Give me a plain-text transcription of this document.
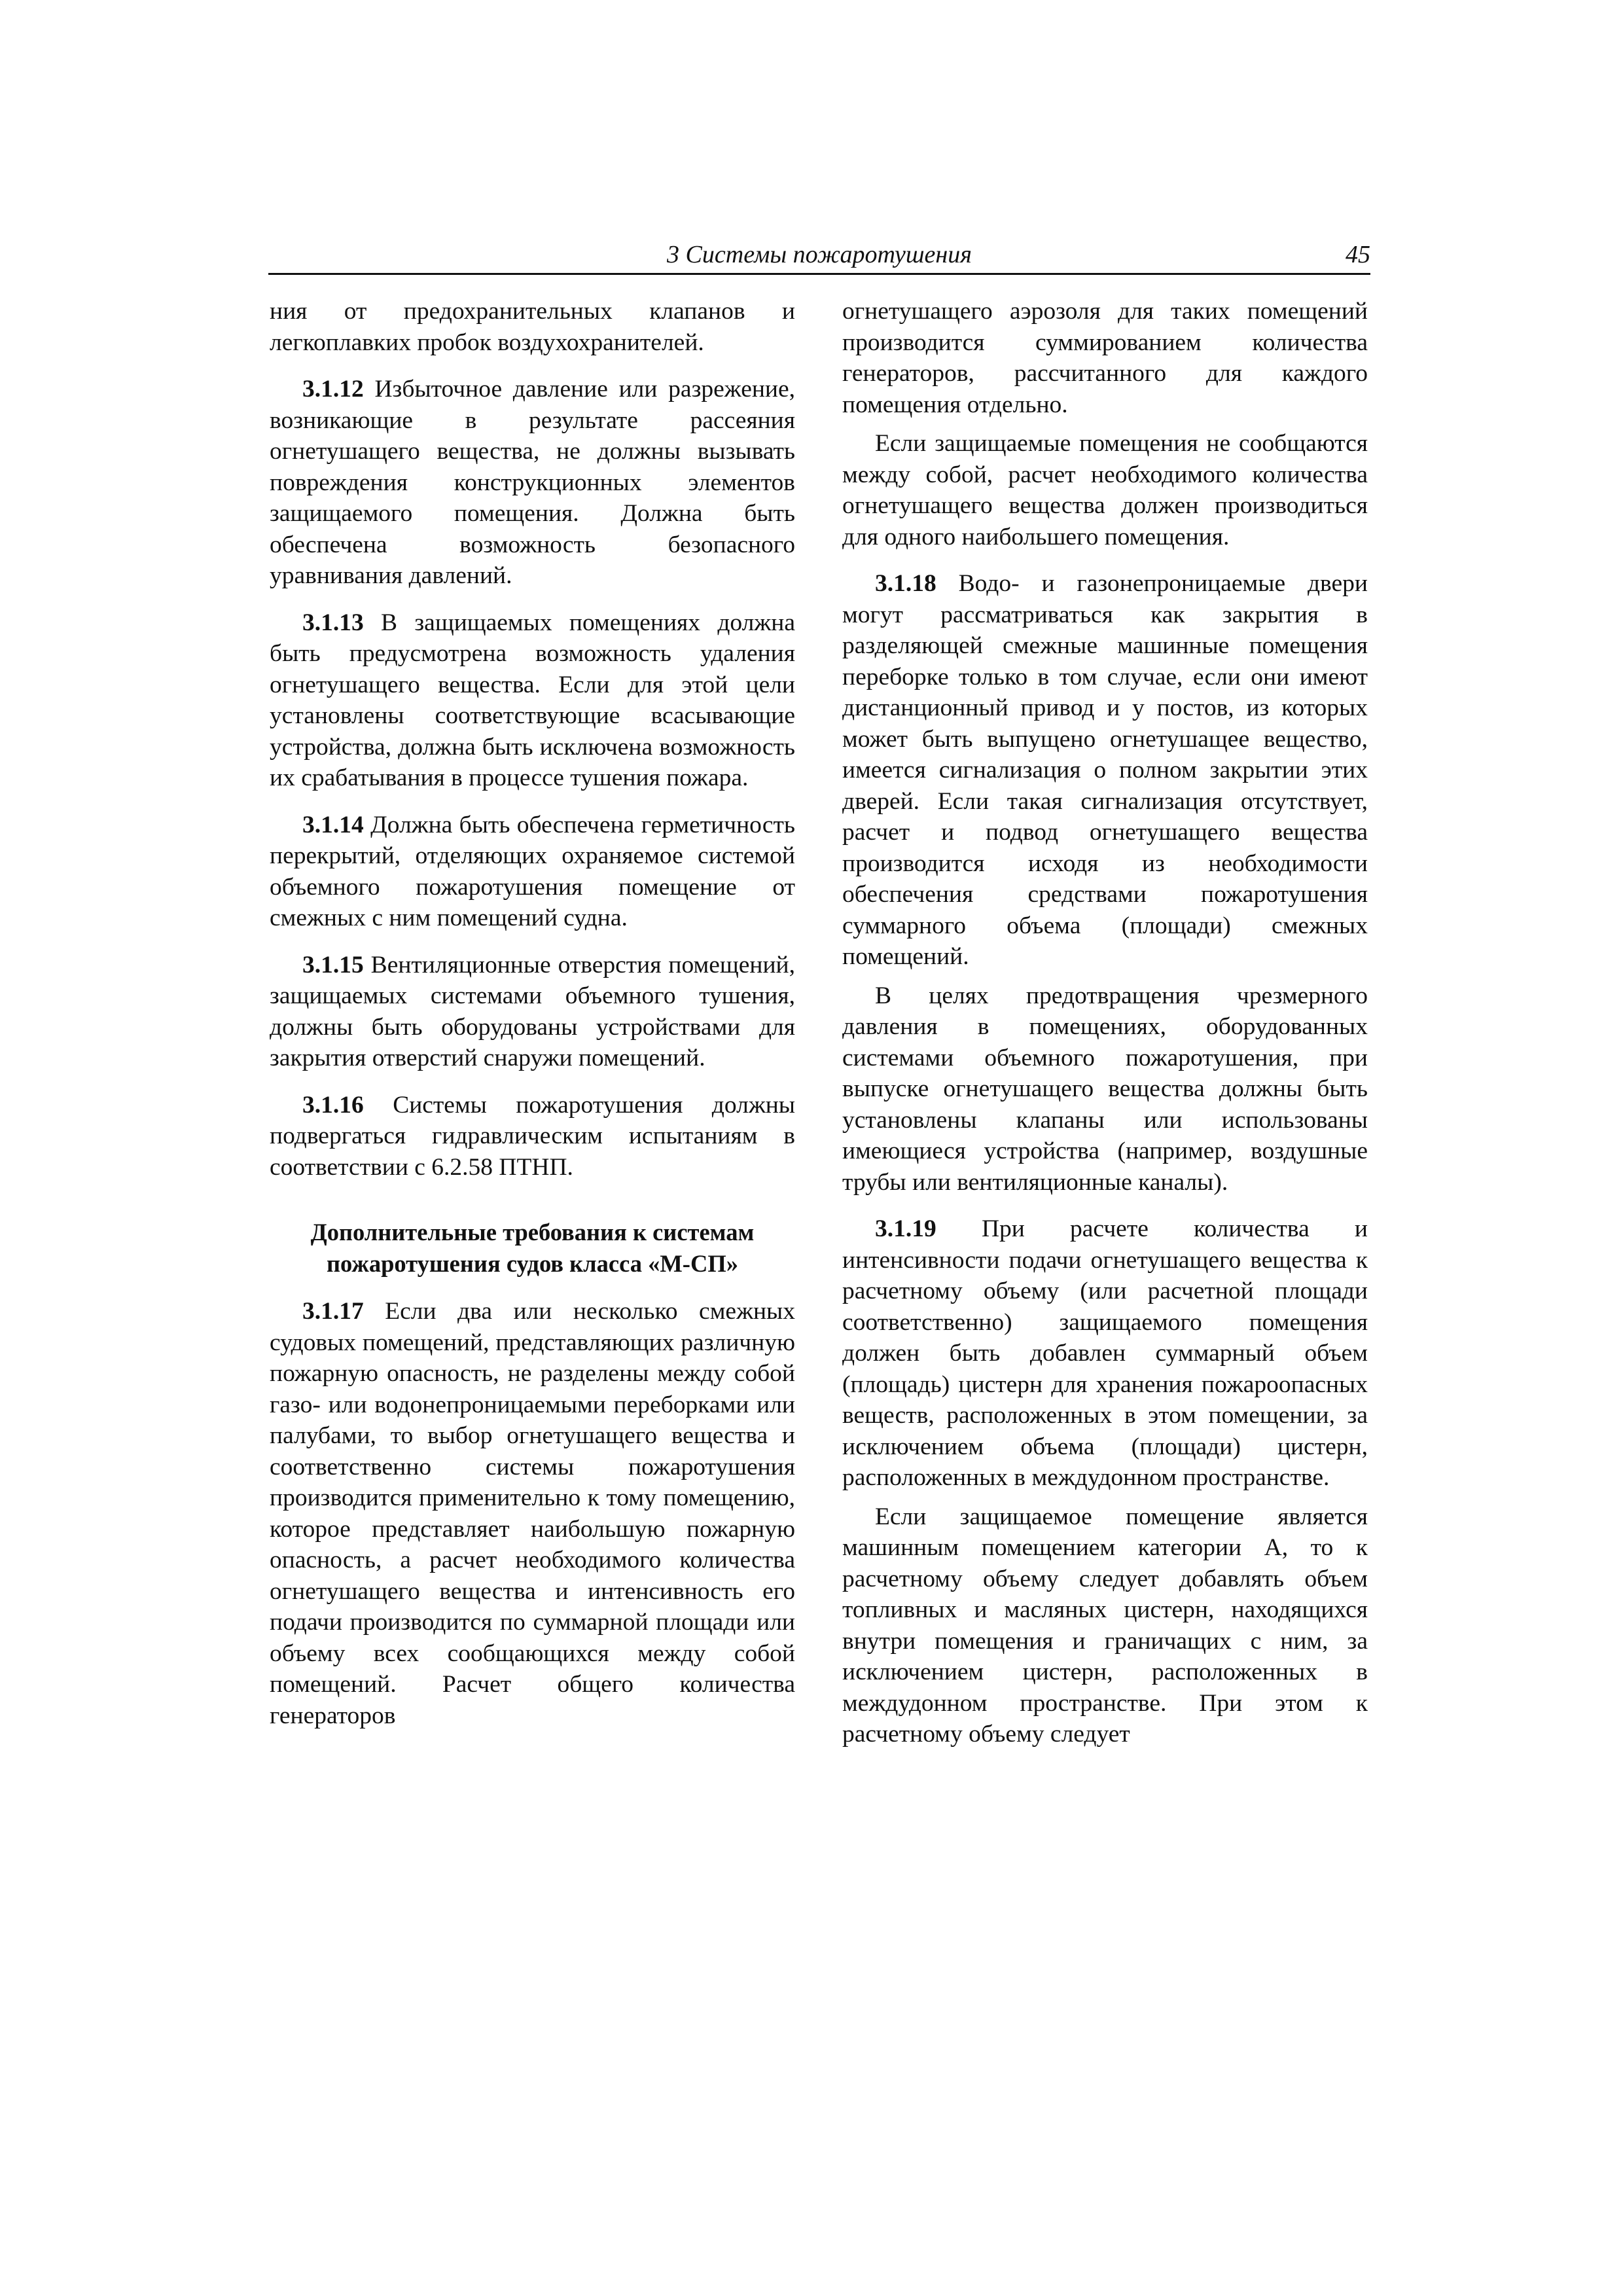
3 Системы пожаротушения	45

ния от предохранительных клапанов и легкоплавких пробок воздухохранителей.

3.1.12 Избыточное давление или разрежение, возникающие в результате рассеяния огнетушащего вещества, не должны вызывать повреждения конструкционных элементов защищаемого помещения. Должна быть обеспечена возможность безопасного уравнивания давлений.

3.1.13 В защищаемых помещениях должна быть предусмотрена возможность удаления огнетушащего вещества. Если для этой цели установлены соответствующие всасывающие устройства, должна быть исключена возможность их срабатывания в процессе тушения пожара.

3.1.14 Должна быть обеспечена герметичность перекрытий, отделяющих охраняемое системой объемного пожаротушения помещение от смежных с ним помещений судна.

3.1.15 Вентиляционные отверстия помещений, защищаемых системами объемного тушения, должны быть оборудованы устройствами для закрытия отверстий снаружи помещений.

3.1.16 Системы пожаротушения должны подвергаться гидравлическим испытаниям в соответствии с 6.2.58 ПТНП.

Дополнительные требования к системам пожаротушения судов класса «М-СП»

3.1.17 Если два или несколько смежных судовых помещений, представляющих различную пожарную опасность, не разделены между собой газо- или водонепроницаемыми переборками или палубами, то выбор огнетушащего вещества и соответственно системы пожаротушения производится применительно к тому помещению, которое представляет наибольшую пожарную опасность, а расчет необходимого количества огнетушащего вещества и интенсивность его подачи производится по суммарной площади или объему всех сообщающихся между собой помещений. Расчет общего количества генераторов

огнетушащего аэрозоля для таких помещений производится суммированием количества генераторов, рассчитанного для каждого помещения отдельно.

Если защищаемые помещения не сообщаются между собой, расчет необходимого количества огнетушащего вещества должен производиться для одного наибольшего помещения.

3.1.18 Водо- и газонепроницаемые двери могут рассматриваться как закрытия в разделяющей смежные машинные помещения переборке только в том случае, если они имеют дистанционный привод и у постов, из которых может быть выпущено огнетушащее вещество, имеется сигнализация о полном закрытии этих дверей. Если такая сигнализация отсутствует, расчет и подвод огнетушащего вещества производится исходя из необходимости обеспечения средствами пожаротушения суммарного объема (площади) смежных помещений.

В целях предотвращения чрезмерного давления в помещениях, оборудованных системами объемного пожаротушения, при выпуске огнетушащего вещества должны быть установлены клапаны или использованы имеющиеся устройства (например, воздушные трубы или вентиляционные каналы).

3.1.19 При расчете количества и интенсивности подачи огнетушащего вещества к расчетному объему (или расчетной площади соответственно) защищаемого помещения должен быть добавлен суммарный объем (площадь) цистерн для хранения пожароопасных веществ, расположенных в этом помещении, за исключением объема (площади) цистерн, расположенных в междудонном пространстве.

Если защищаемое помещение является машинным помещением категории А, то к расчетному объему следует добавлять объем топливных и масляных цистерн, находящихся внутри помещения и граничащих с ним, за исключением цистерн, расположенных в междудонном пространстве. При этом к расчетному объему следует
